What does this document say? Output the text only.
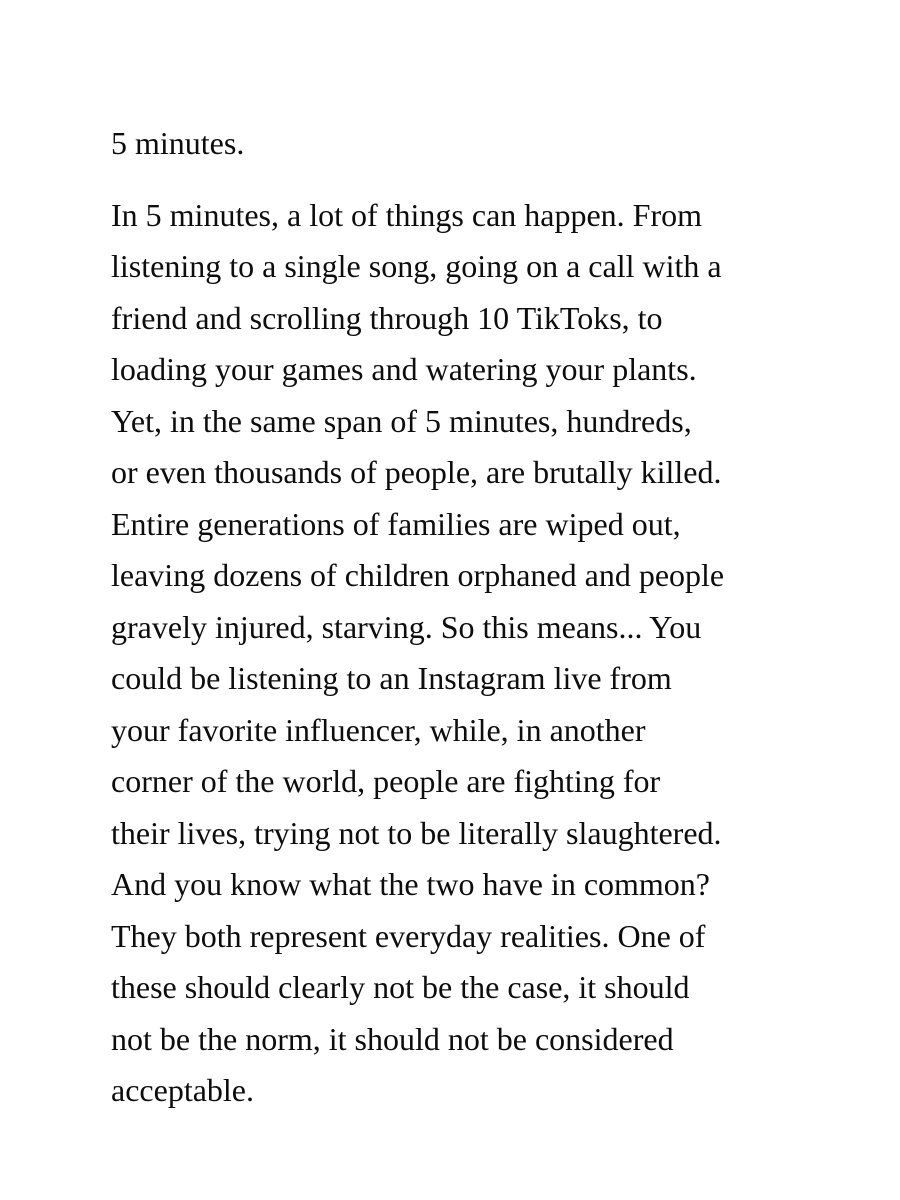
5 minutes.

In 5 minutes, a lot of things can happen. From
listening to a single song, going on a call with a
friend and scrolling through 10 TikToks, to
loading your games and watering your plants.
Yet, in the same span of 5 minutes, hundreds,
or even thousands of people, are brutally killed.
Entire generations of families are wiped out,
leaving dozens of children orphaned and people
gravely injured, starving. So this means... You
could be listening to an Instagram live from
your favorite influencer, while, in another
corner of the world, people are fighting for
their lives, trying not to be literally slaughtered.
And you know what the two have in common?
They both represent everyday realities. One of
these should clearly not be the case, it should
not be the norm, it should not be considered
acceptable.
